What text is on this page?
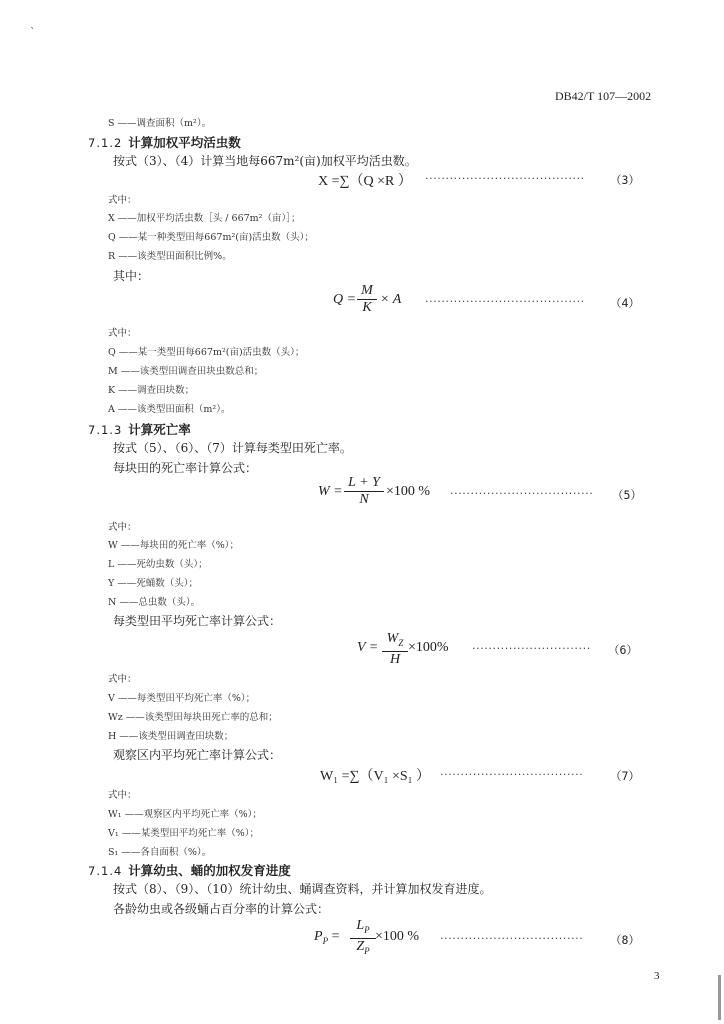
`
DB42/T 107—2002
S ——调查面积（m²）。
7.1.2 计算加权平均活虫数
按式（3）、（4）计算当地每667m²(亩)加权平均活虫数。
X =∑（Q ×R ） ······································· （3）
式中：
X ——加权平均活虫数［头 / 667m²（亩）］；
Q ——某一种类型田每667m²(亩)活虫数（头）；
R ——该类型田面积比例%。
其中：
Q =
M
K
× A ······································· （4）
式中：
Q ——某一类型田每667m²(亩)活虫数（头）；
M ——该类型田调查田块虫数总和；
K ——调查田块数；
A ——该类型田面积（m²）。
7.1.3 计算死亡率
按式（5）、（6）、（7）计算每类型田死亡率。
每块田的死亡率计算公式：
W =
L + Y
N
×100 % ··································· （5）
式中：
W ——每块田的死亡率（%）；
L ——死幼虫数（头）；
Y ——死蛹数（头）；
N ——总虫数（头）。
每类型田平均死亡率计算公式：
V =
$W_Z$
H
×100% ····························· （6）
式中：
V ——每类型田平均死亡率（%）；
Wz ——该类型田每块田死亡率的总和；
H ——该类型田调查田块数；
观察区内平均死亡率计算公式：
W₁ =∑（V₁ ×S₁ ） ··································· （7）
式中：
W₁ ——观察区内平均死亡率（%）；
V₁ ——某类型田平均死亡率（%）；
S₁ ——各自面积（%）。
7.1.4 计算幼虫、蛹的加权发育进度
按式（8）、（9）、（10）统计幼虫、蛹调查资料，并计算加权发育进度。
各龄幼虫或各级蛹占百分率的计算公式：
$P_P$ =
$L_P$
$Z_P$
×100 % ··································· （8）
3
